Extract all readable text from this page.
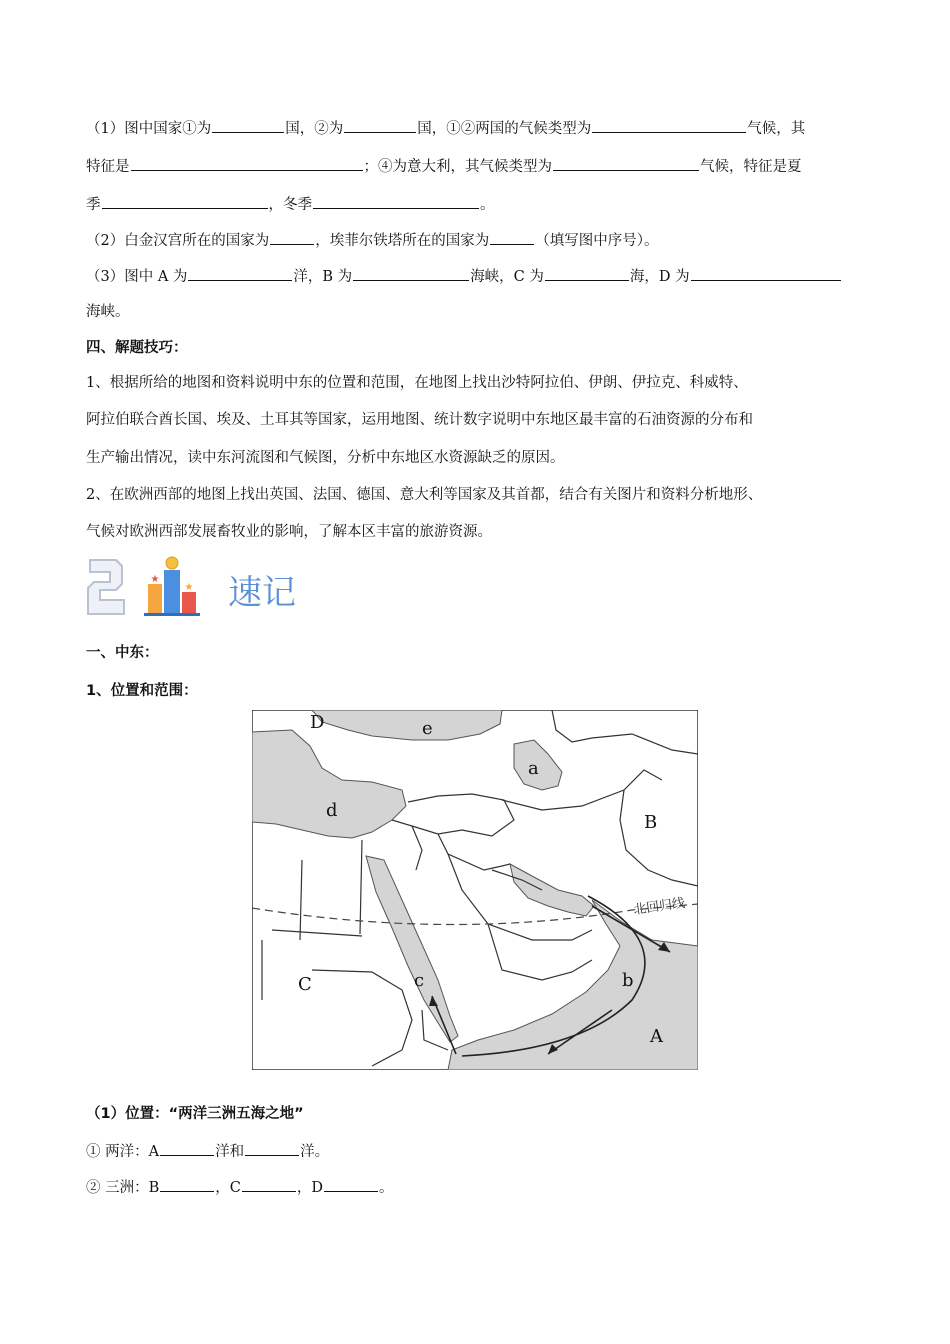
（1）图中国家①为	国，②为	国，①②两国的气候类型为	气候，其
特征是	；④为意大利，其气候类型为	气候，特征是夏
季	，冬季	。
（2）白金汉宫所在的国家为	，埃菲尔铁塔所在的国家为	（填写图中序号）。
（3）图中 A 为	洋，B 为	海峡，C 为	海，D 为
海峡。
四、解题技巧：
1、根据所给的地图和资料说明中东的位置和范围，在地图上找出沙特阿拉伯、伊朗、伊拉克、科威特、
阿拉伯联合酋长国、埃及、土耳其等国家，运用地图、统计数字说明中东地区最丰富的石油资源的分布和
生产输出情况，读中东河流图和气候图，分析中东地区水资源缺乏的原因。
2、在欧洲西部的地图上找出英国、法国、德国、意大利等国家及其首都，结合有关图片和资料分析地形、
气候对欧洲西部发展畜牧业的影响，了解本区丰富的旅游资源。
★
★ 速记
一、中东：
1、位置和范围：
北回归线
A
B
C
D
a
b
c
d
e
（1）位置：“两洋三洲五海之地”
① 两洋：A	洋和	洋。
② 三洲：B	，C	，D	。
